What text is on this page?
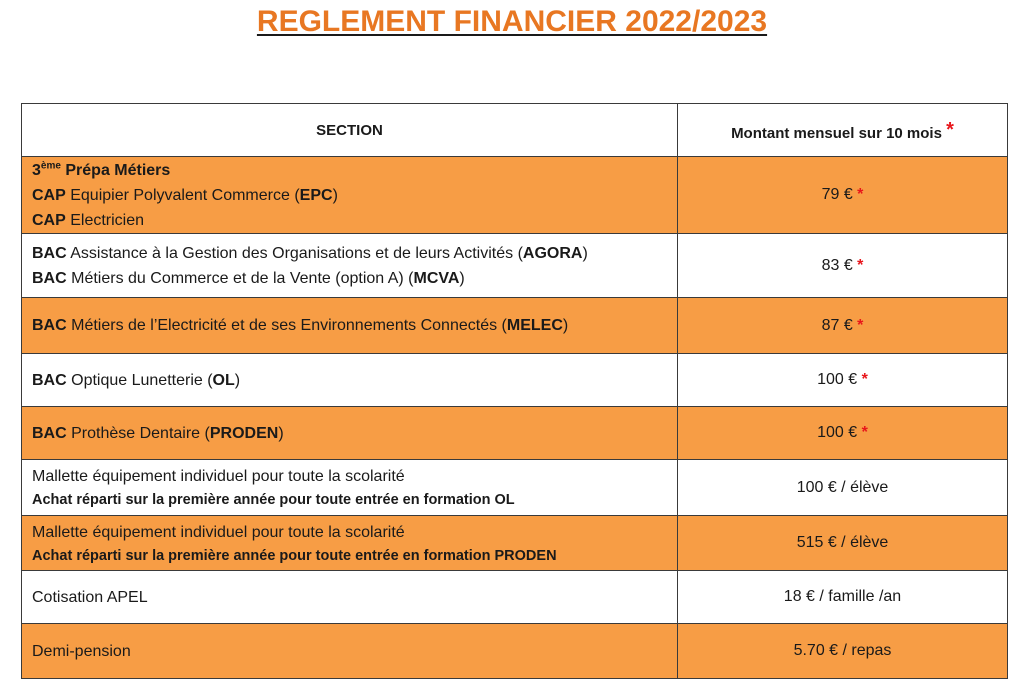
REGLEMENT FINANCIER 2022/2023
SECTION	Montant mensuel sur 10 mois *

3ème Prépa Métiers
CAP Equipier Polyvalent Commerce (EPC)
CAP Electricien	79 € *

BAC Assistance à la Gestion des Organisations et de leurs Activités (AGORA)
BAC Métiers du Commerce et de la Vente (option A) (MCVA)	83 € *

BAC Métiers de l’Electricité et de ses Environnements Connectés (MELEC)	87 € *

BAC Optique Lunetterie (OL)	100 € *

BAC Prothèse Dentaire (PRODEN)	100 € *

Mallette équipement individuel pour toute la scolarité
Achat réparti sur la première année pour toute entrée en formation OL	100 € / élève

Mallette équipement individuel pour toute la scolarité
Achat réparti sur la première année pour toute entrée en formation PRODEN	515 € / élève

Cotisation APEL	18 € / famille /an

Demi-pension	5.70 € / repas
